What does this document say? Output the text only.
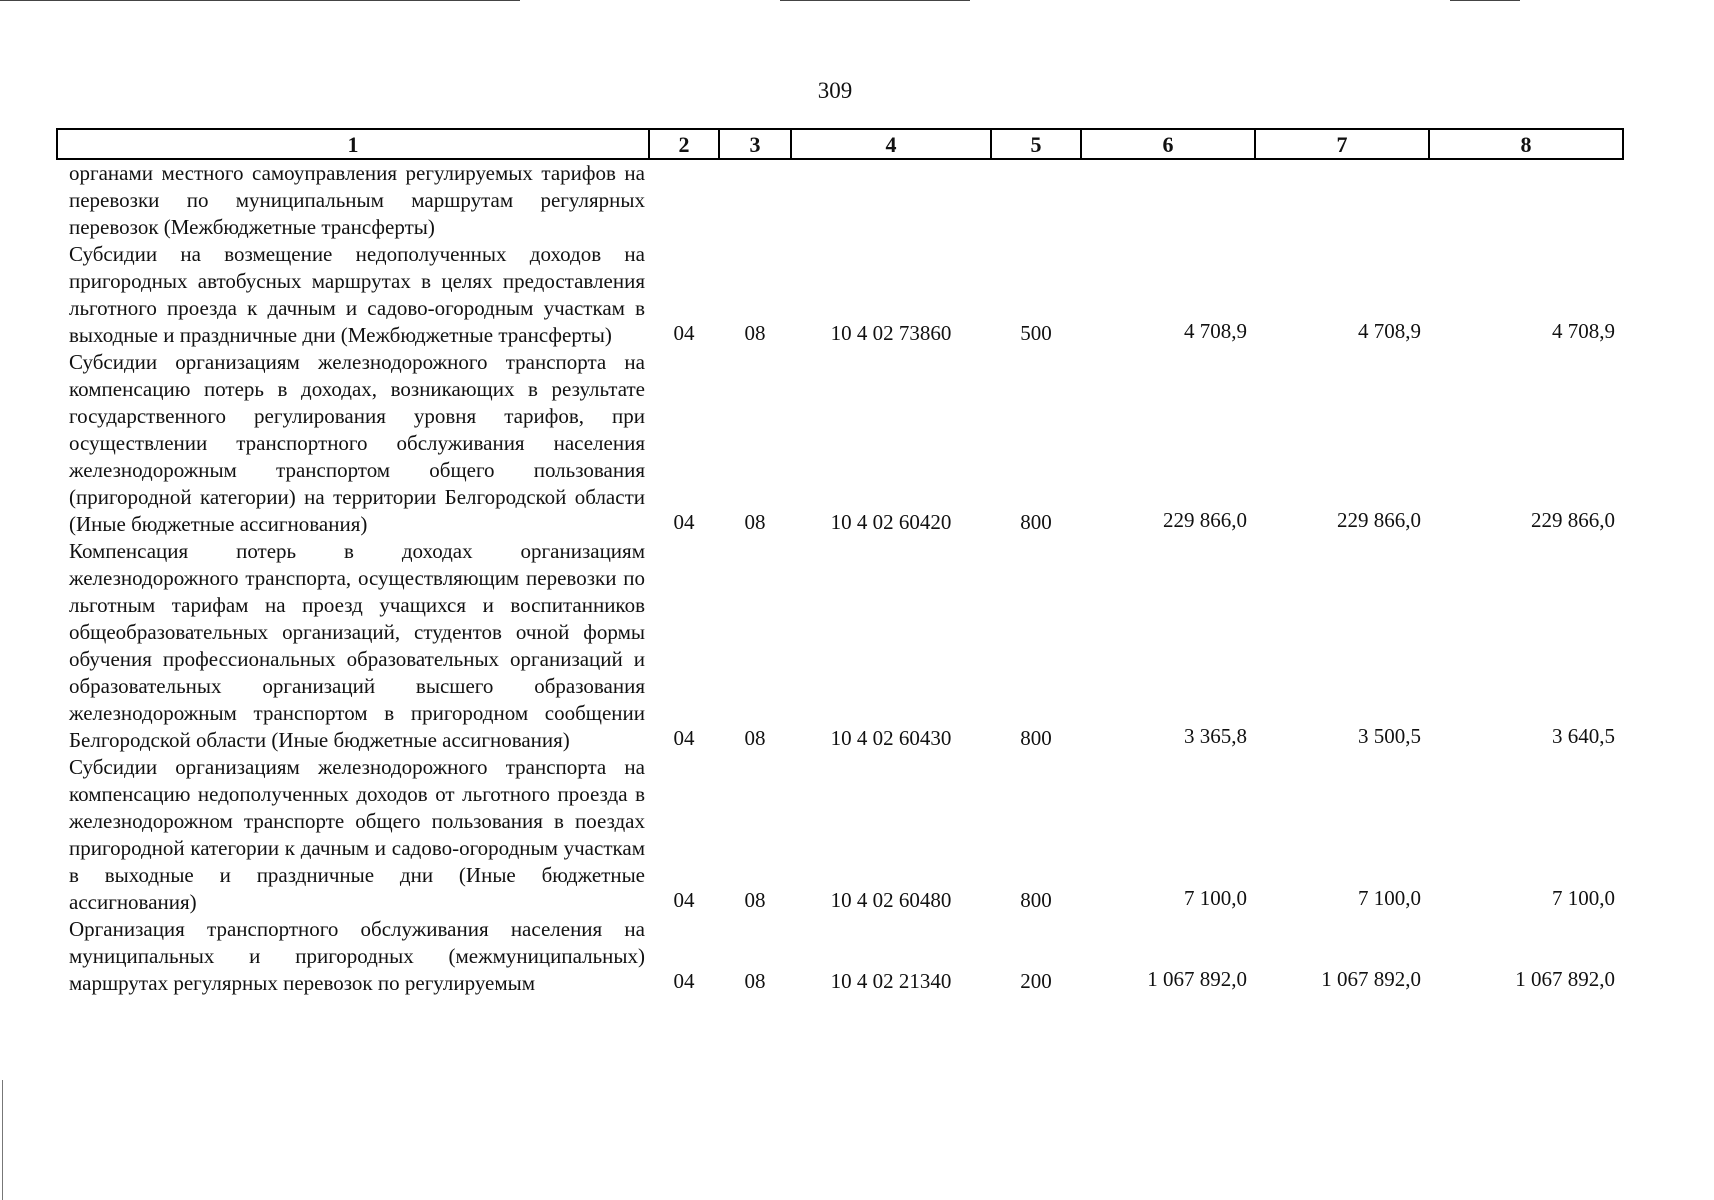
309
1	2	3	4	5	6	7	8
органами местного самоуправления регулируемых тарифов на перевозки по муниципальным маршрутам регулярных перевозок (Межбюджетные трансферты)							
Субсидии на возмещение недополученных доходов на пригородных автобусных маршрутах в целях предоставления льготного проезда к дачным и садово-огородным участкам в выходные и праздничные дни (Межбюджетные трансферты)	04	08	10 4 02 73860	500	4 708,9	4 708,9	4 708,9
Субсидии организациям железнодорожного транспорта на компенсацию потерь в доходах, возникающих в результате государственного регулирования уровня тарифов, при осуществлении транспортного обслуживания населения железнодорожным транспортом общего пользования (пригородной категории) на территории Белгородской области (Иные бюджетные ассигнования)	04	08	10 4 02 60420	800	229 866,0	229 866,0	229 866,0
Компенсация потерь в доходах организациям железнодорожного транспорта, осуществляющим перевозки по льготным тарифам на проезд учащихся и воспитанников общеобразовательных организаций, студентов очной формы обучения профессиональных образовательных организаций и образовательных организаций высшего образования железнодорожным транспортом в пригородном сообщении Белгородской области (Иные бюджетные ассигнования)	04	08	10 4 02 60430	800	3 365,8	3 500,5	3 640,5
Субсидии организациям железнодорожного транспорта на компенсацию недополученных доходов от льготного проезда в железнодорожном транспорте общего пользования в поездах пригородной категории к дачным и садово-огородным участкам в выходные и праздничные дни (Иные бюджетные ассигнования)	04	08	10 4 02 60480	800	7 100,0	7 100,0	7 100,0
Организация транспортного обслуживания населения на муниципальных и пригородных (межмуниципальных) маршрутах регулярных перевозок по регулируемым	04	08	10 4 02 21340	200	1 067 892,0	1 067 892,0	1 067 892,0
